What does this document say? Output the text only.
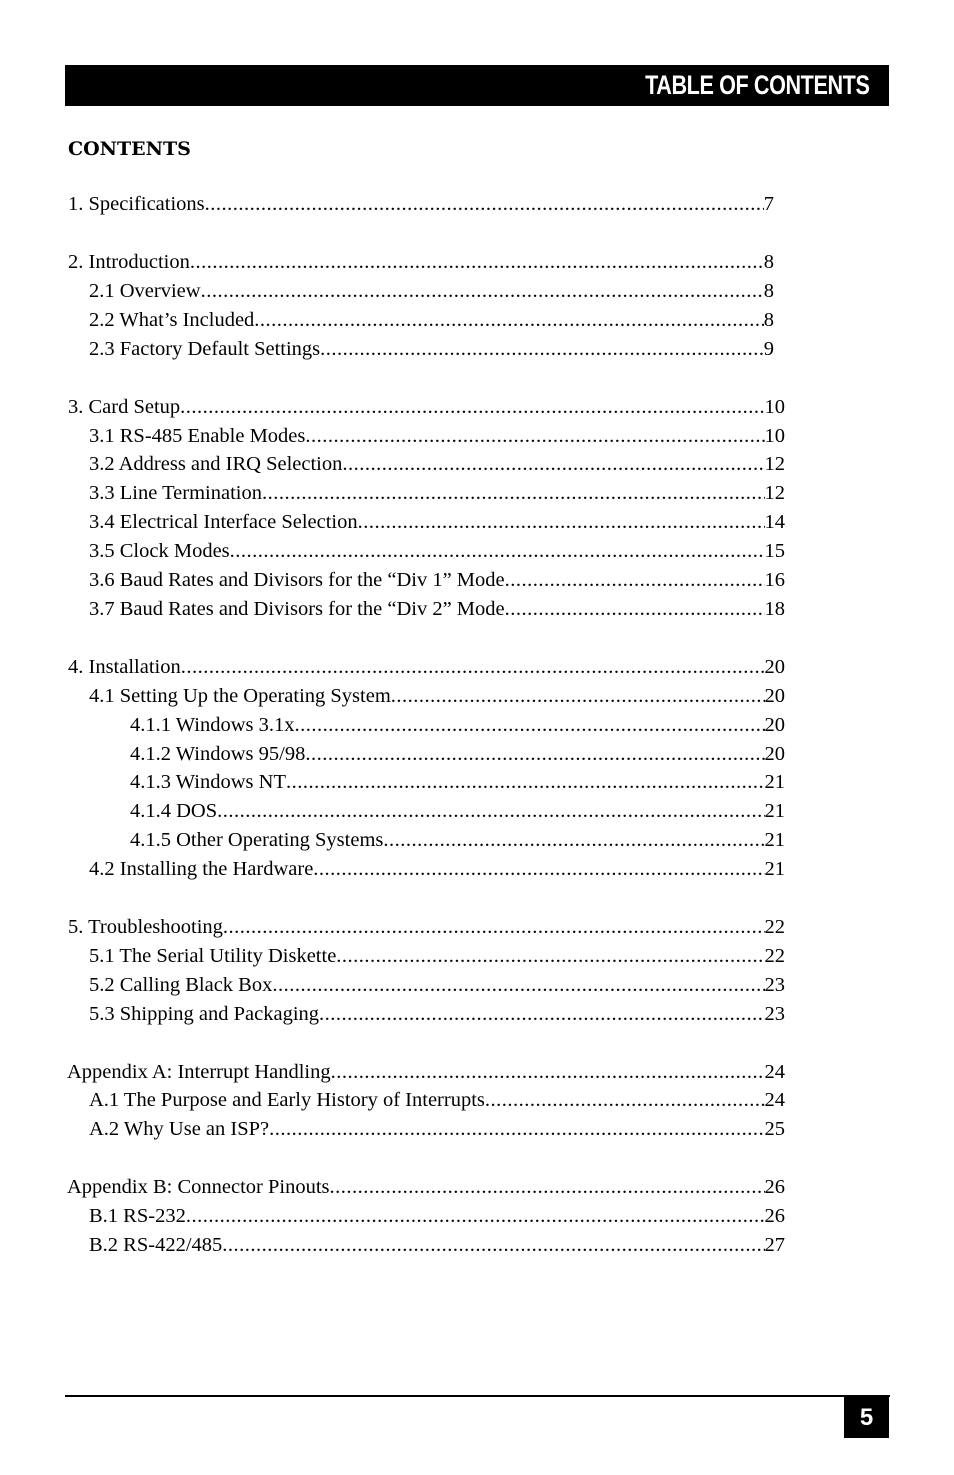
TABLE OF CONTENTS
CONTENTS
1. Specifications .....	7
2. Introduction .....	8
2.1 Overview .....	8
2.2 What’s Included .....	8
2.3 Factory Default Settings .....	9
3. Card Setup .....	10
3.1 RS-485 Enable Modes .....	10
3.2 Address and IRQ Selection .....	12
3.3 Line Termination .....	12
3.4 Electrical Interface Selection .....	14
3.5 Clock Modes .....	15
3.6 Baud Rates and Divisors for the “Div 1” Mode .....	16
3.7 Baud Rates and Divisors for the “Div 2” Mode .....	18
4. Installation .....	20
4.1 Setting Up the Operating System .....	20
4.1.1 Windows 3.1x .....	20
4.1.2 Windows 95/98 .....	20
4.1.3 Windows NT .....	21
4.1.4 DOS .....	21
4.1.5 Other Operating Systems .....	21
4.2 Installing the Hardware .....	21
5. Troubleshooting .....	22
5.1 The Serial Utility Diskette .....	22
5.2 Calling Black Box .....	23
5.3 Shipping and Packaging .....	23
Appendix A: Interrupt Handling .....	24
A.1 The Purpose and Early History of Interrupts .....	24
A.2 Why Use an ISP? .....	25
Appendix B: Connector Pinouts .....	26
B.1 RS-232 .....	26
B.2 RS-422/485 .....	27
5
